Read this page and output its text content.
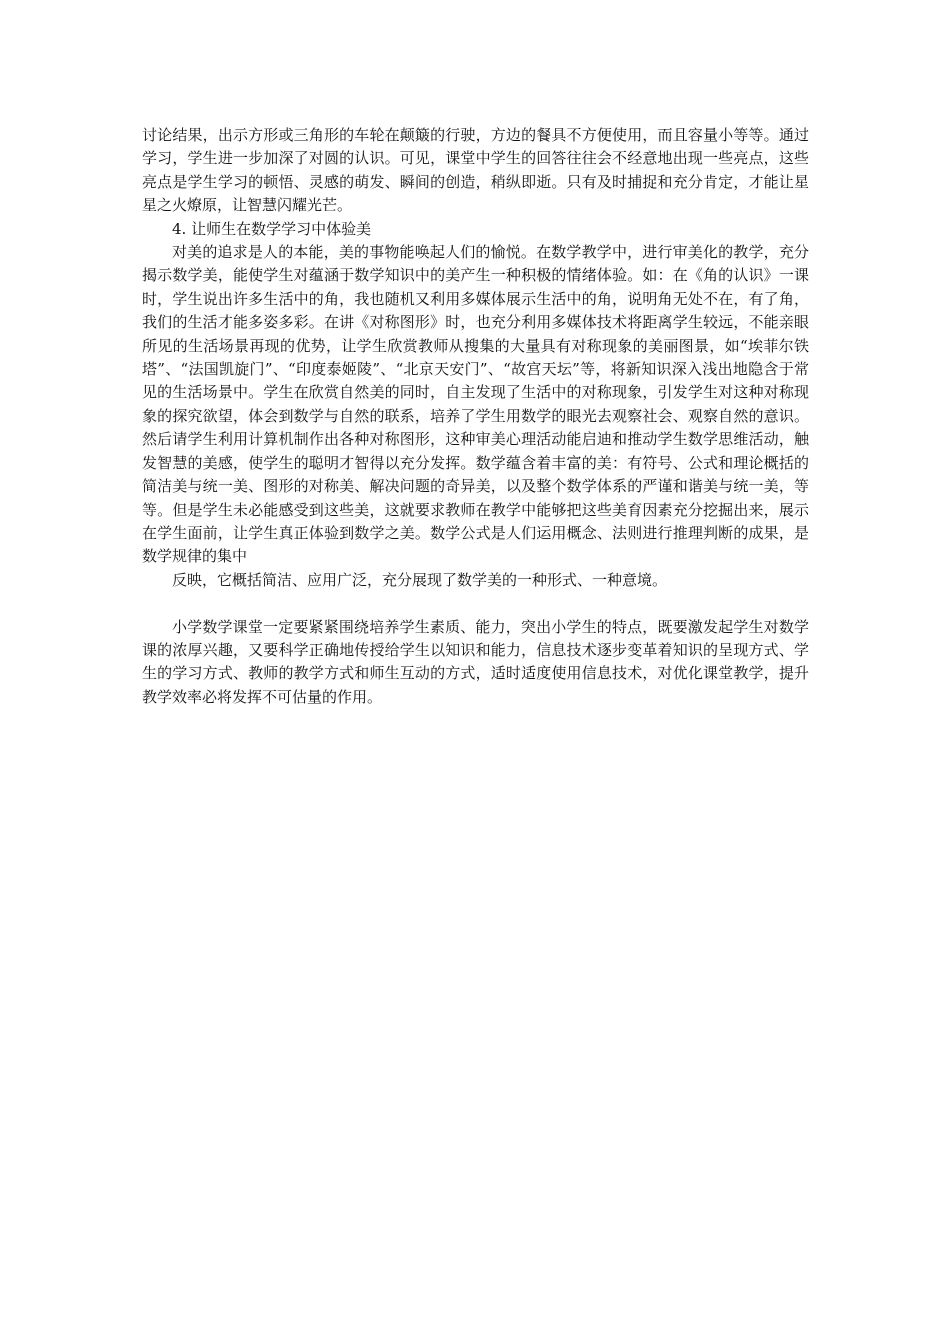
讨论结果，出示方形或三角形的车轮在颠簸的行驶，方边的餐具不方便使用，而且容量小等等。通过学习，学生进一步加深了对圆的认识。可见，课堂中学生的回答往往会不经意地出现一些亮点，这些亮点是学生学习的顿悟、灵感的萌发、瞬间的创造，稍纵即逝。只有及时捕捉和充分肯定，才能让星星之火燎原，让智慧闪耀光芒。

4. 让师生在数学学习中体验美

对美的追求是人的本能，美的事物能唤起人们的愉悦。在数学教学中，进行审美化的教学，充分揭示数学美，能使学生对蕴涵于数学知识中的美产生一种积极的情绪体验。如：在《角的认识》一课时，学生说出许多生活中的角，我也随机又利用多媒体展示生活中的角，说明角无处不在，有了角，我们的生活才能多姿多彩。在讲《对称图形》时，也充分利用多媒体技术将距离学生较远，不能亲眼所见的生活场景再现的优势，让学生欣赏教师从搜集的大量具有对称现象的美丽图景，如“埃菲尔铁塔”、“法国凯旋门”、“印度泰姬陵”、“北京天安门”、“故宫天坛”等，将新知识深入浅出地隐含于常见的生活场景中。学生在欣赏自然美的同时，自主发现了生活中的对称现象，引发学生对这种对称现象的探究欲望，体会到数学与自然的联系，培养了学生用数学的眼光去观察社会、观察自然的意识。然后请学生利用计算机制作出各种对称图形，这种审美心理活动能启迪和推动学生数学思维活动，触发智慧的美感，使学生的聪明才智得以充分发挥。数学蕴含着丰富的美：有符号、公式和理论概括的简洁美与统一美、图形的对称美、解决问题的奇异美，以及整个数学体系的严谨和谐美与统一美，等等。但是学生未必能感受到这些美，这就要求教师在教学中能够把这些美育因素充分挖掘出来，展示在学生面前，让学生真正体验到数学之美。数学公式是人们运用概念、法则进行推理判断的成果，是数学规律的集中

反映，它概括简洁、应用广泛，充分展现了数学美的一种形式、一种意境。

小学数学课堂一定要紧紧围绕培养学生素质、能力，突出小学生的特点，既要激发起学生对数学课的浓厚兴趣，又要科学正确地传授给学生以知识和能力，信息技术逐步变革着知识的呈现方式、学生的学习方式、教师的教学方式和师生互动的方式，适时适度使用信息技术，对优化课堂教学，提升教学效率必将发挥不可估量的作用。
